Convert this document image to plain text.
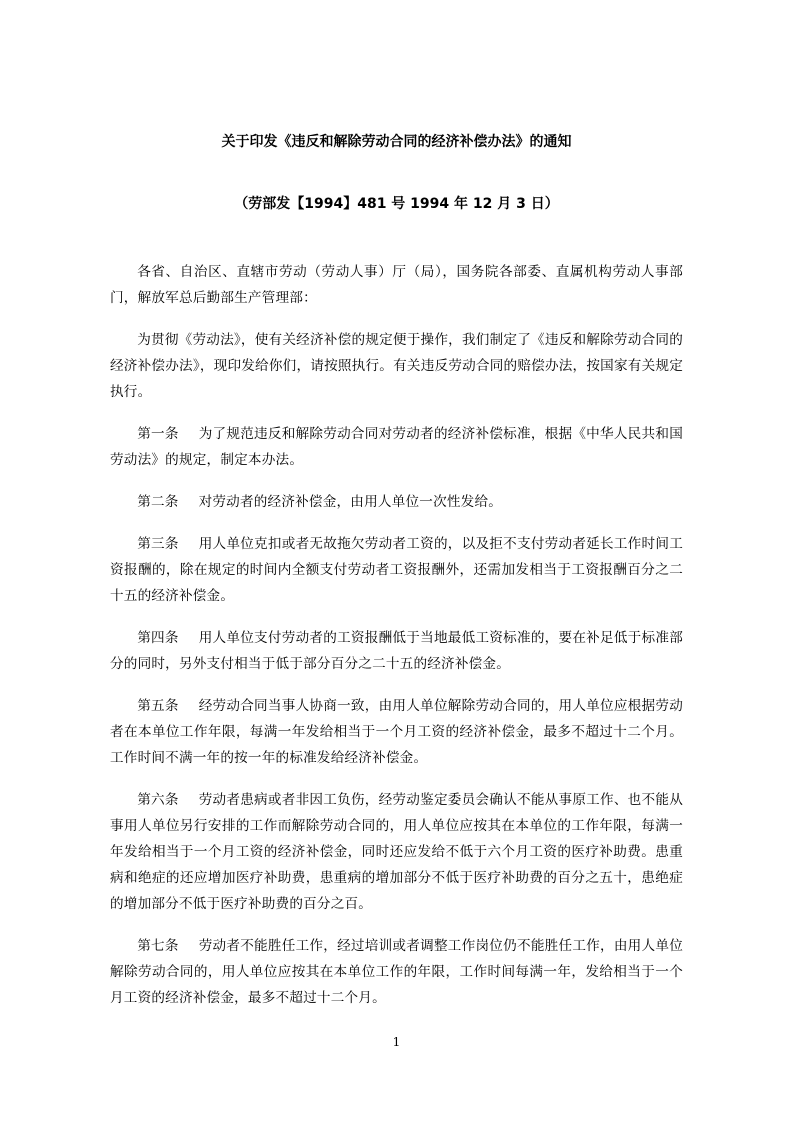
关于印发《违反和解除劳动合同的经济补偿办法》的通知
（劳部发【1994】481 号 1994 年 12 月 3 日）

各省、自治区、直辖市劳动（劳动人事）厅（局），国务院各部委、直属机构劳动人事部门，解放军总后勤部生产管理部：

为贯彻《劳动法》，使有关经济补偿的规定便于操作，我们制定了《违反和解除劳动合同的经济补偿办法》，现印发给你们，请按照执行。有关违反劳动合同的赔偿办法，按国家有关规定执行。

第一条 为了规范违反和解除劳动合同对劳动者的经济补偿标准，根据《中华人民共和国劳动法》的规定，制定本办法。

第二条 对劳动者的经济补偿金，由用人单位一次性发给。

第三条 用人单位克扣或者无故拖欠劳动者工资的，以及拒不支付劳动者延长工作时间工资报酬的，除在规定的时间内全额支付劳动者工资报酬外，还需加发相当于工资报酬百分之二十五的经济补偿金。

第四条 用人单位支付劳动者的工资报酬低于当地最低工资标准的，要在补足低于标准部分的同时，另外支付相当于低于部分百分之二十五的经济补偿金。

第五条 经劳动合同当事人协商一致，由用人单位解除劳动合同的，用人单位应根据劳动者在本单位工作年限，每满一年发给相当于一个月工资的经济补偿金，最多不超过十二个月。工作时间不满一年的按一年的标准发给经济补偿金。

第六条 劳动者患病或者非因工负伤，经劳动鉴定委员会确认不能从事原工作、也不能从事用人单位另行安排的工作而解除劳动合同的，用人单位应按其在本单位的工作年限，每满一年发给相当于一个月工资的经济补偿金，同时还应发给不低于六个月工资的医疗补助费。患重病和绝症的还应增加医疗补助费，患重病的增加部分不低于医疗补助费的百分之五十，患绝症的增加部分不低于医疗补助费的百分之百。

第七条 劳动者不能胜任工作，经过培训或者调整工作岗位仍不能胜任工作，由用人单位解除劳动合同的，用人单位应按其在本单位工作的年限，工作时间每满一年，发给相当于一个月工资的经济补偿金，最多不超过十二个月。

1
